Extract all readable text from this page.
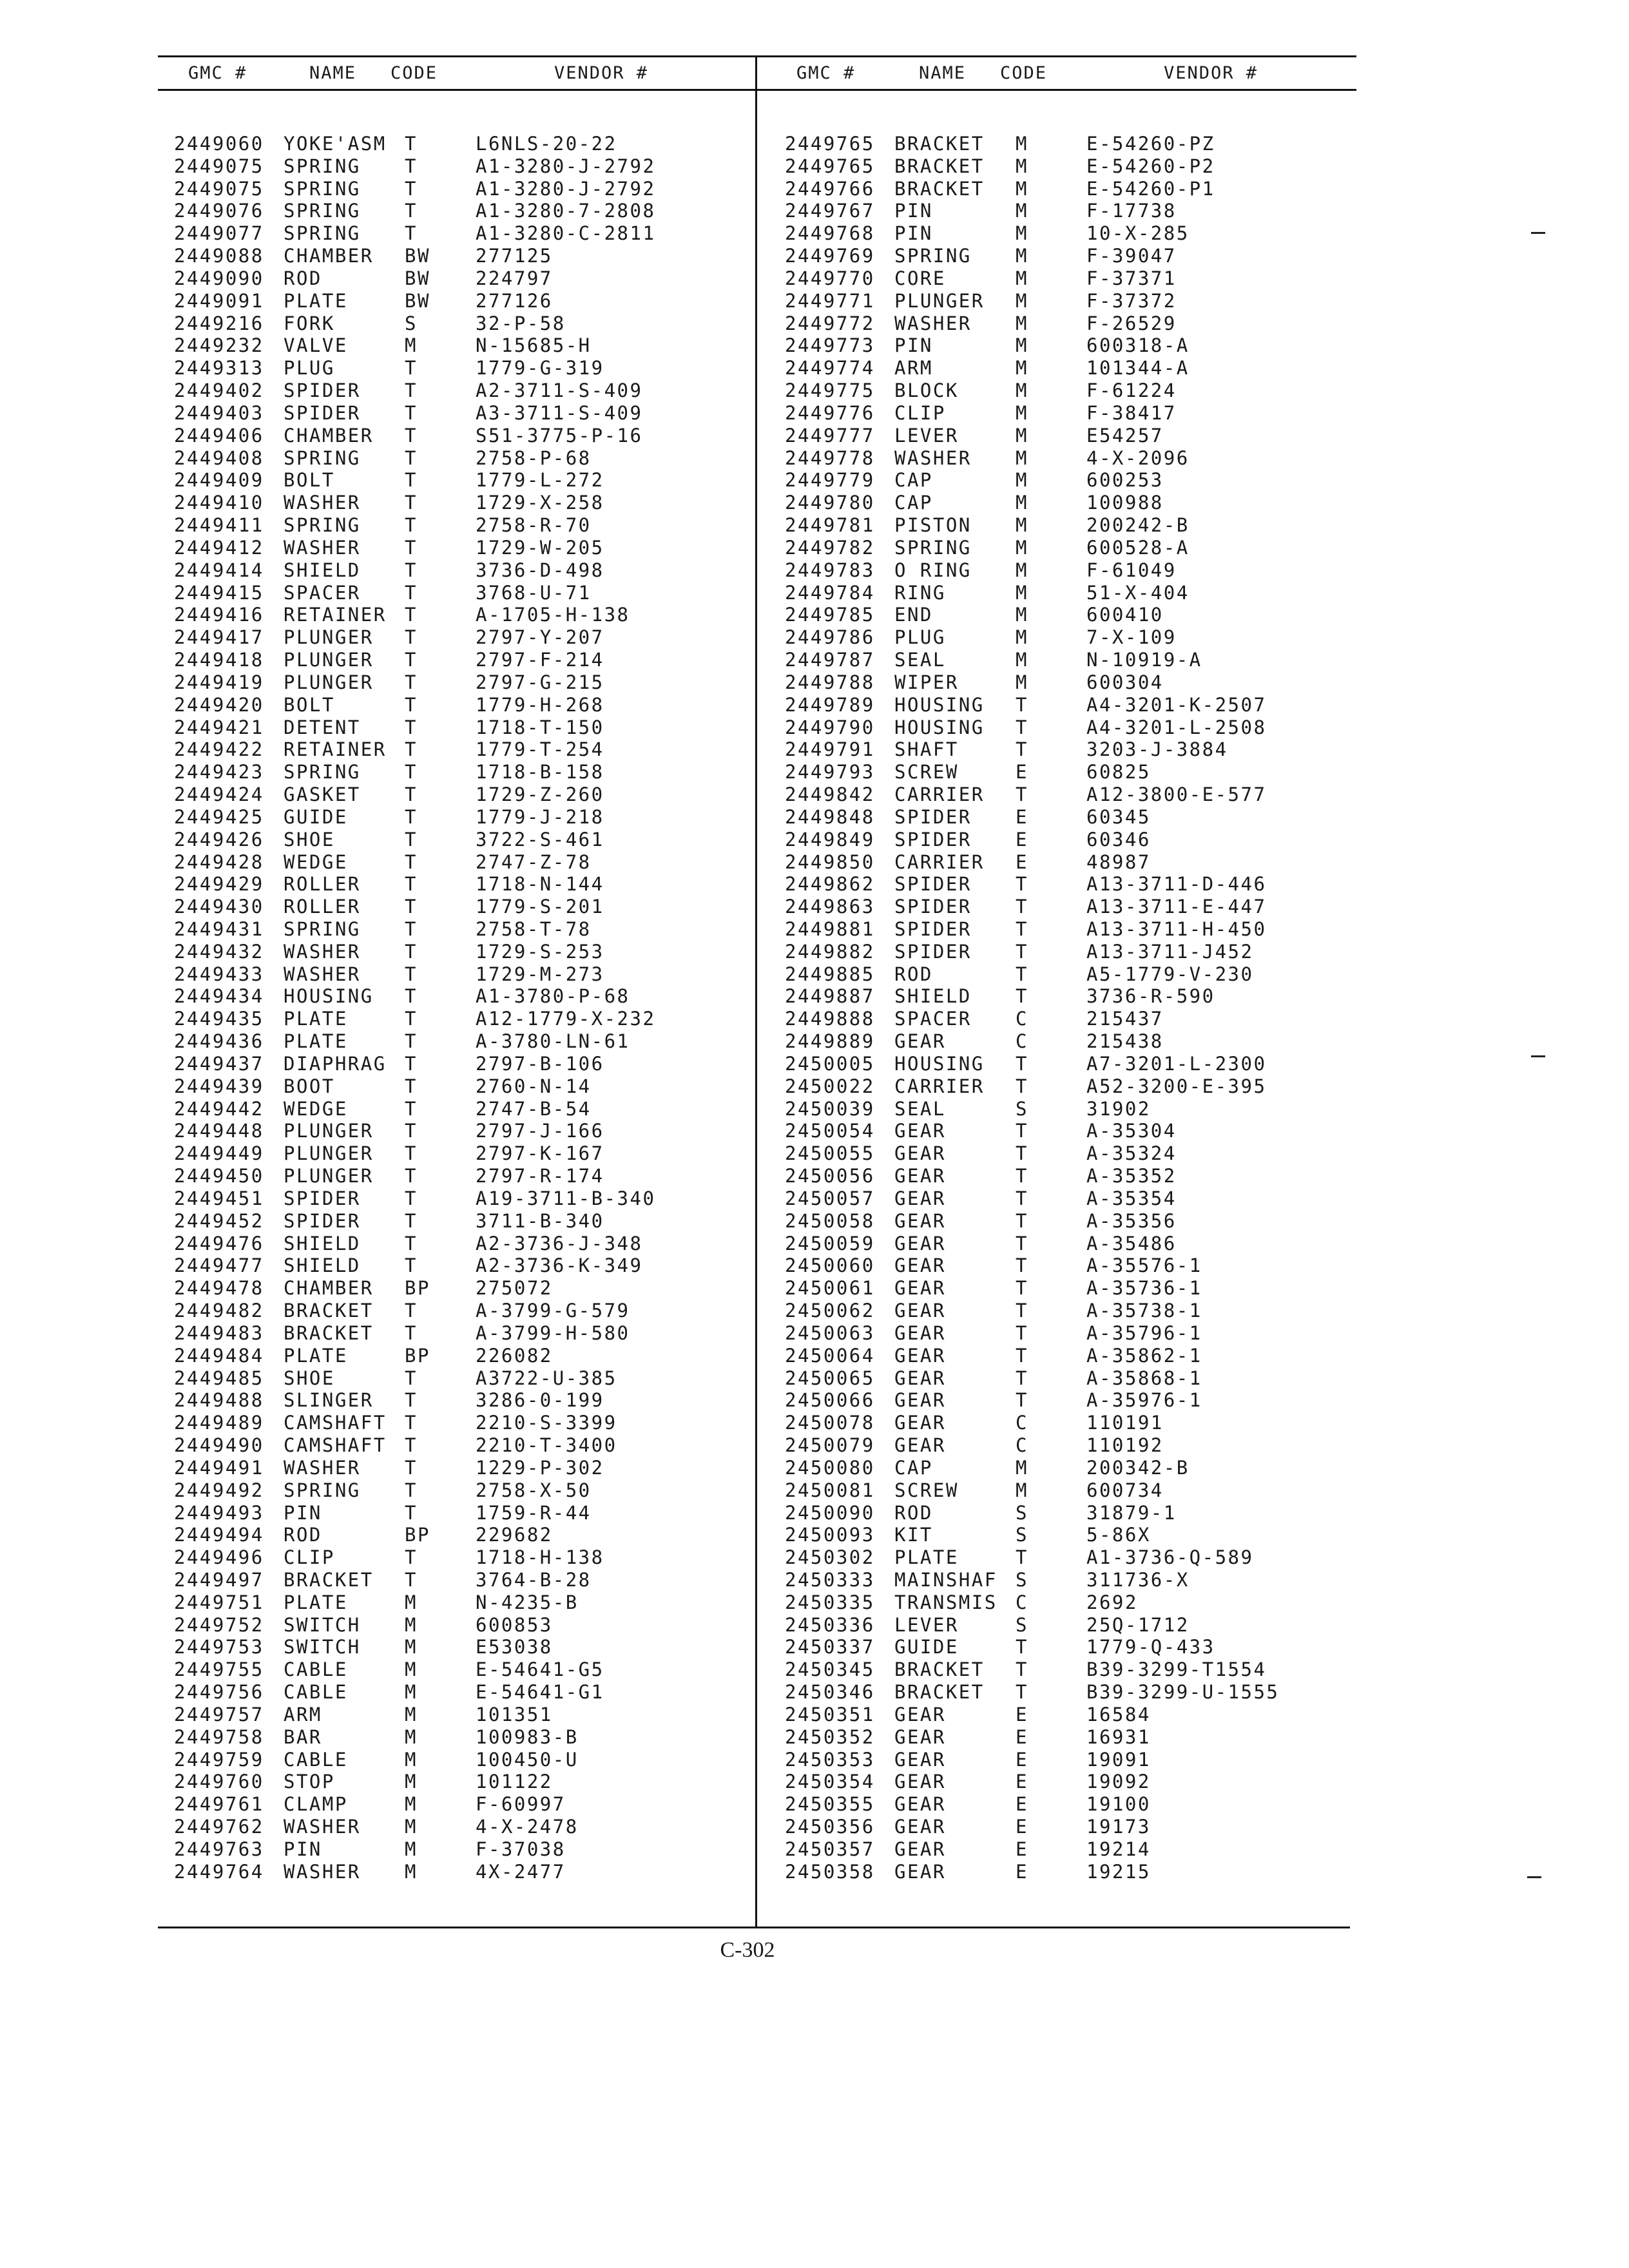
GMC #	NAME CODE	VENDOR #	GMC #	NAME CODE	VENDOR #
2449060 YOKE'ASM T	L6NLS-20-22
2449075 SPRING T	A1-3280-J-2792
2449075 SPRING T	A1-3280-J-2792
2449076 SPRING T	A1-3280-7-2808
2449077 SPRING T	A1-3280-C-2811
2449088 CHAMBER BW 277125
2449090 ROD	BW 224797
2449091 PLATE	BW 277126
2449216 FORK	S	32-P-58
2449232 VALVE	M	N-15685-H
2449313 PLUG	T	1779-G-319
2449402 SPIDER T	A2-3711-S-409
2449403 SPIDER T	A3-3711-S-409
2449406 CHAMBER T	S51-3775-P-16
2449408 SPRING T	2758-P-68
2449409 BOLT	T	1779-L-272
2449410 WASHER T	1729-X-258
2449411 SPRING T	2758-R-70
2449412 WASHER T	1729-W-205
2449414 SHIELD T	3736-D-498
2449415 SPACER T	3768-U-71
2449416 RETAINER T	A-1705-H-138
2449417 PLUNGER T	2797-Y-207
2449418 PLUNGER T	2797-F-214
2449419 PLUNGER T	2797-G-215
2449420 BOLT	T	1779-H-268
2449421 DETENT T	1718-T-150
2449422 RETAINER T	1779-T-254
2449423 SPRING T	1718-B-158
2449424 GASKET T	1729-Z-260
2449425 GUIDE	T	1779-J-218
2449426 SHOE	T	3722-S-461
2449428 WEDGE	T	2747-Z-78
2449429 ROLLER T	1718-N-144
2449430 ROLLER T	1779-S-201
2449431 SPRING T	2758-T-78
2449432 WASHER T	1729-S-253
2449433 WASHER T	1729-M-273
2449434 HOUSING T	A1-3780-P-68
2449435 PLATE	T	A12-1779-X-232
2449436 PLATE	T	A-3780-LN-61
2449437 DIAPHRAG T	2797-B-106
2449439 BOOT	T	2760-N-14
2449442 WEDGE	T	2747-B-54
2449448 PLUNGER T	2797-J-166
2449449 PLUNGER T	2797-K-167
2449450 PLUNGER T	2797-R-174
2449451 SPIDER T	A19-3711-B-340
2449452 SPIDER T	3711-B-340
2449476 SHIELD T	A2-3736-J-348
2449477 SHIELD T	A2-3736-K-349
2449478 CHAMBER BP 275072
2449482 BRACKET T	A-3799-G-579
2449483 BRACKET T	A-3799-H-580
2449484 PLATE	BP 226082
2449485 SHOE	T	A3722-U-385
2449488 SLINGER T	3286-0-199
2449489 CAMSHAFT T	2210-S-3399
2449490 CAMSHAFT T	2210-T-3400
2449491 WASHER T	1229-P-302
2449492 SPRING T	2758-X-50
2449493 PIN	T	1759-R-44
2449494 ROD	BP 229682
2449496 CLIP	T	1718-H-138
2449497 BRACKET T	3764-B-28
2449751 PLATE	M	N-4235-B
2449752 SWITCH M	600853
2449753 SWITCH M	E53038
2449755 CABLE	M	E-54641-G5
2449756 CABLE	M	E-54641-G1
2449757 ARM	M	101351
2449758 BAR	M	100983-B
2449759 CABLE	M	100450-U
2449760 STOP	M	101122
2449761 CLAMP	M	F-60997
2449762 WASHER M	4-X-2478
2449763 PIN	M	F-37038
2449764 WASHER M	4X-2477
2449765 BRACKET M	E-54260-PZ
2449765 BRACKET M	E-54260-P2
2449766 BRACKET M	E-54260-P1
2449767 PIN	M	F-17738
2449768 PIN	M	10-X-285
2449769 SPRING M	F-39047
2449770 CORE	M	F-37371
2449771 PLUNGER M	F-37372
2449772 WASHER M	F-26529
2449773 PIN	M	600318-A
2449774 ARM	M	101344-A
2449775 BLOCK	M	F-61224
2449776 CLIP	M	F-38417
2449777 LEVER	M	E54257
2449778 WASHER M	4-X-2096
2449779 CAP	M	600253
2449780 CAP	M	100988
2449781 PISTON M	200242-B
2449782 SPRING M	600528-A
2449783 O RING M	F-61049
2449784 RING	M	51-X-404
2449785 END	M	600410
2449786 PLUG	M	7-X-109
2449787 SEAL	M	N-10919-A
2449788 WIPER	M	600304
2449789 HOUSING T	A4-3201-K-2507
2449790 HOUSING T	A4-3201-L-2508
2449791 SHAFT	T	3203-J-3884
2449793 SCREW	E	60825
2449842 CARRIER T	A12-3800-E-577
2449848 SPIDER E	60345
2449849 SPIDER E	60346
2449850 CARRIER E	48987
2449862 SPIDER T	A13-3711-D-446
2449863 SPIDER T	A13-3711-E-447
2449881 SPIDER T	A13-3711-H-450
2449882 SPIDER T	A13-3711-J452
2449885 ROD	T	A5-1779-V-230
2449887 SHIELD T	3736-R-590
2449888 SPACER C	215437
2449889 GEAR	C	215438
2450005 HOUSING T	A7-3201-L-2300
2450022 CARRIER T	A52-3200-E-395
2450039 SEAL	S	31902
2450054 GEAR	T	A-35304
2450055 GEAR	T	A-35324
2450056 GEAR	T	A-35352
2450057 GEAR	T	A-35354
2450058 GEAR	T	A-35356
2450059 GEAR	T	A-35486
2450060 GEAR	T	A-35576-1
2450061 GEAR	T	A-35736-1
2450062 GEAR	T	A-35738-1
2450063 GEAR	T	A-35796-1
2450064 GEAR	T	A-35862-1
2450065 GEAR	T	A-35868-1
2450066 GEAR	T	A-35976-1
2450078 GEAR	C	110191
2450079 GEAR	C	110192
2450080 CAP	M	200342-B
2450081 SCREW	M	600734
2450090 ROD	S	31879-1
2450093 KIT	S	5-86X
2450302 PLATE	T	A1-3736-Q-589
2450333 MAINSHAF S	311736-X
2450335 TRANSMIS C	2692
2450336 LEVER	S	25Q-1712
2450337 GUIDE	T	1779-Q-433
2450345 BRACKET T	B39-3299-T1554
2450346 BRACKET T	B39-3299-U-1555
2450351 GEAR	E	16584
2450352 GEAR	E	16931
2450353 GEAR	E	19091
2450354 GEAR	E	19092
2450355 GEAR	E	19100
2450356 GEAR	E	19173
2450357 GEAR	E	19214
2450358 GEAR	E	19215
C-302
